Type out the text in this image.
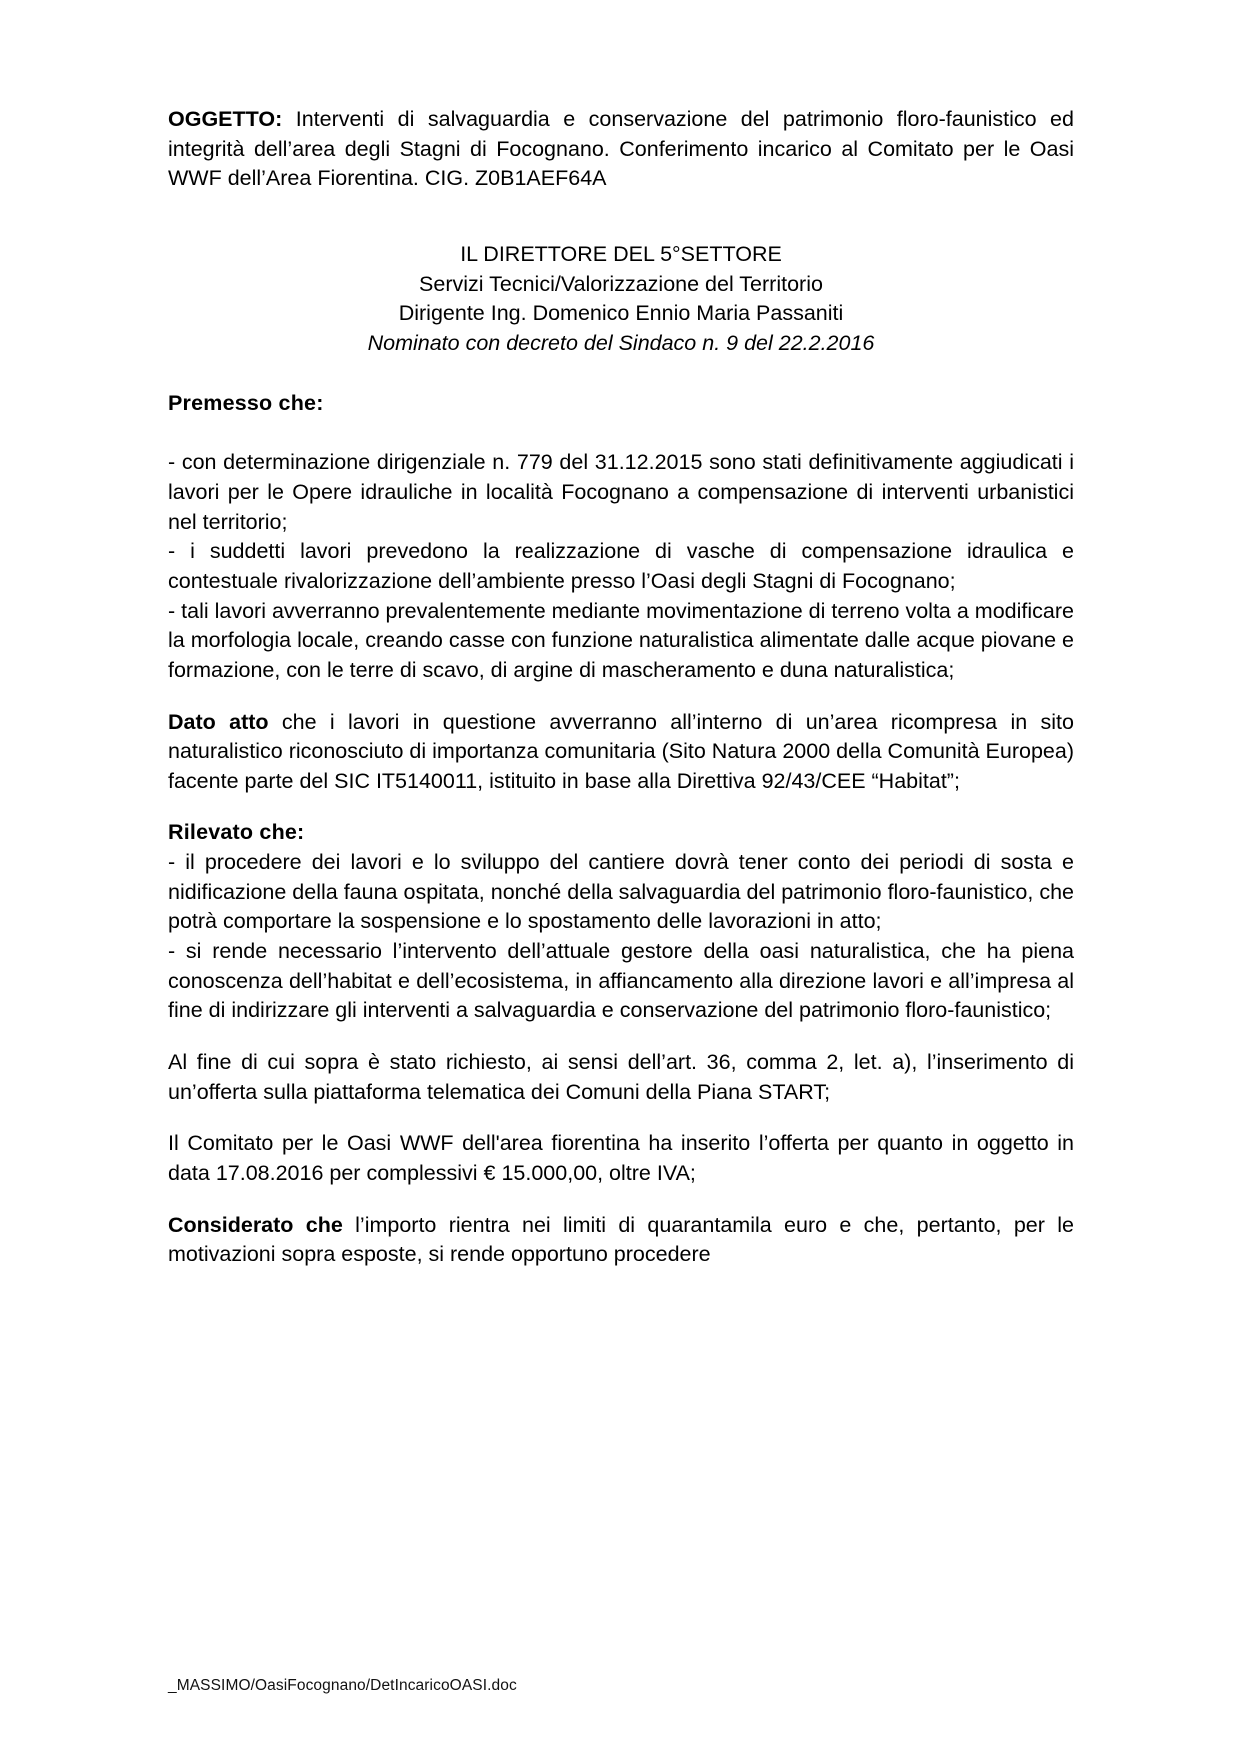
OGGETTO: Interventi di salvaguardia e conservazione del patrimonio floro-faunistico ed integrità dell’area degli Stagni di Focognano. Conferimento incarico al Comitato per le Oasi WWF dell’Area Fiorentina. CIG. Z0B1AEF64A

IL DIRETTORE DEL 5°SETTORE
Servizi Tecnici/Valorizzazione del Territorio
Dirigente Ing. Domenico Ennio Maria Passaniti
Nominato con decreto del Sindaco n. 9 del 22.2.2016

Premesso che:

- con determinazione dirigenziale n. 779 del 31.12.2015 sono stati definitivamente aggiudicati i lavori per le Opere idrauliche in località Focognano a compensazione di interventi urbanistici nel territorio;

- i suddetti lavori prevedono la realizzazione di vasche di compensazione idraulica e contestuale rivalorizzazione dell’ambiente presso l’Oasi degli Stagni di Focognano;

- tali lavori avverranno prevalentemente mediante movimentazione di terreno volta a modificare la morfologia locale, creando casse con funzione naturalistica alimentate dalle acque piovane e formazione, con le terre di scavo, di argine di mascheramento e duna naturalistica;

Dato atto che i lavori in questione avverranno all’interno di un’area ricompresa in sito naturalistico riconosciuto di importanza comunitaria (Sito Natura 2000 della Comunità Europea) facente parte del SIC IT5140011, istituito in base alla Direttiva 92/43/CEE “Habitat”;

Rilevato che:

- il procedere dei lavori e lo sviluppo del cantiere dovrà tener conto dei periodi di sosta e nidificazione della fauna ospitata, nonché della salvaguardia del patrimonio floro-faunistico, che potrà comportare la sospensione e lo spostamento delle lavorazioni in atto;

- si rende necessario l’intervento dell’attuale gestore della oasi naturalistica, che ha piena conoscenza dell’habitat e dell’ecosistema, in affiancamento alla direzione lavori e all’impresa al fine di indirizzare gli interventi a salvaguardia e conservazione del patrimonio floro-faunistico;

Al fine di cui sopra è stato richiesto, ai sensi dell’art. 36, comma 2, let. a), l’inserimento di un’offerta sulla piattaforma telematica dei Comuni della Piana START;

Il Comitato per le Oasi WWF dell'area fiorentina ha inserito l’offerta per quanto in oggetto in data 17.08.2016 per complessivi € 15.000,00, oltre IVA;

Considerato che l’importo rientra nei limiti di quarantamila euro e che, pertanto, per le motivazioni sopra esposte, si rende opportuno procedere

_MASSIMO/OasiFocognano/DetIncaricoOASI.doc
